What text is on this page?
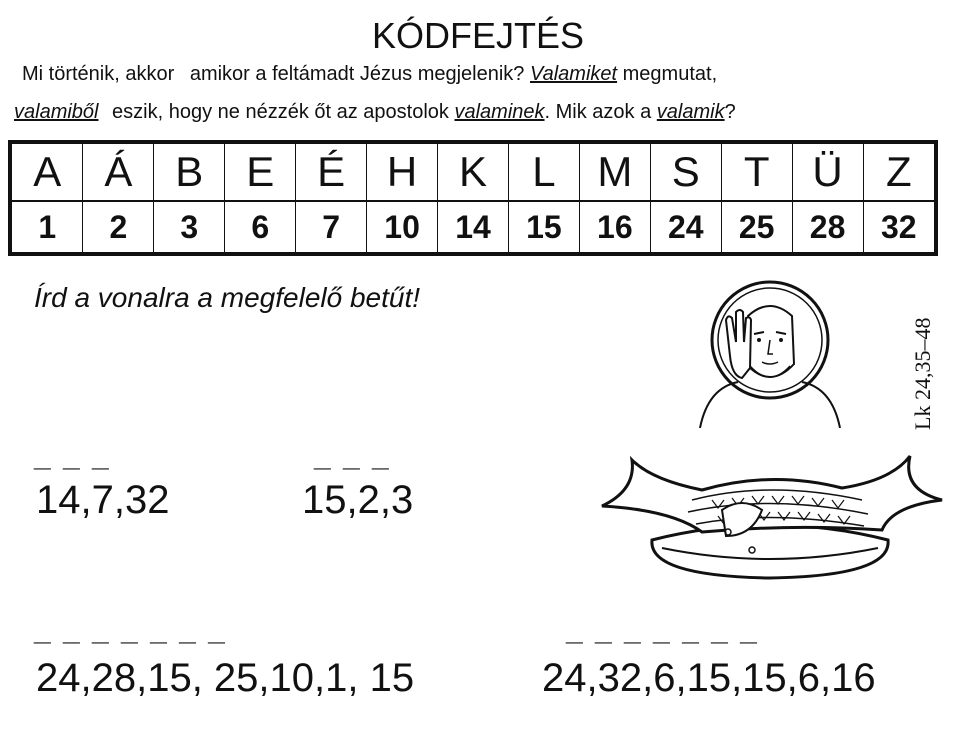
KÓDFEJTÉS
Mi történik, akkor amikor a feltámadt Jézus megjelenik? Valamiket megmutat,
valamiből eszik, hogy ne nézzék őt az apostolok valaminek. Mik azok a valamik?
A	Á	B	E	É	H	K	L	M	S	T	Ü	Z
1	2	3	6	7	10	14	15	16	24	25	28	32
Írd a vonalra a megfelelő betűt!
Lk 24,35–48
_ _ _
14,7,32
_ _ _
15,2,3
_ _ _ _ _ _ _
24,28,15, 25,10,1, 15
_ _ _ _ _ _ _
24,32,6,15,15,6,16
